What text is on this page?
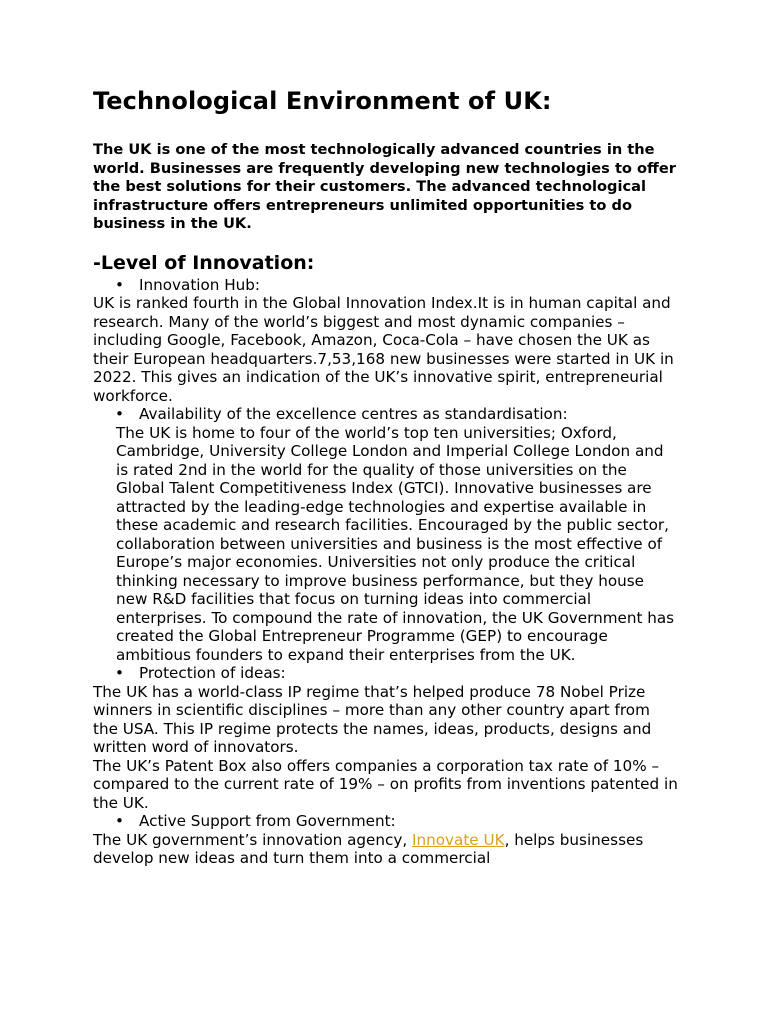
Technological Environment of UK:

The UK is one of the most technologically advanced countries in the world. Businesses are frequently developing new technologies to offer the best solutions for their customers. The advanced technological infrastructure offers entrepreneurs unlimited opportunities to do business in the UK.

-Level of Innovation:
• Innovation Hub:

UK is ranked fourth in the Global Innovation Index.It is in human capital and research. Many of the world’s biggest and most dynamic companies – including Google, Facebook, Amazon, Coca-Cola – have chosen the UK as their European headquarters.7,53,168 new businesses were started in UK in 2022. This gives an indication of the UK’s innovative spirit, entrepreneurial workforce.

• Availability of the excellence centres as standardisation:

The UK is home to four of the world’s top ten universities; Oxford, Cambridge, University College London and Imperial College London and is rated 2nd in the world for the quality of those universities on the Global Talent Competitiveness Index (GTCI). Innovative businesses are attracted by the leading-edge technologies and expertise available in these academic and research facilities. Encouraged by the public sector, collaboration between universities and business is the most effective of Europe’s major economies. Universities not only produce the critical thinking necessary to improve business performance, but they house new R&D facilities that focus on turning ideas into commercial enterprises. To compound the rate of innovation, the UK Government has created the Global Entrepreneur Programme (GEP) to encourage ambitious founders to expand their enterprises from the UK.

• Protection of ideas:

The UK has a world-class IP regime that’s helped produce 78 Nobel Prize winners in scientific disciplines – more than any other country apart from the USA. This IP regime protects the names, ideas, products, designs and written word of innovators.

The UK’s Patent Box also offers companies a corporation tax rate of 10% – compared to the current rate of 19% – on profits from inventions patented in the UK.

• Active Support from Government:

The UK government’s innovation agency, Innovate UK, helps businesses develop new ideas and turn them into a commercial
